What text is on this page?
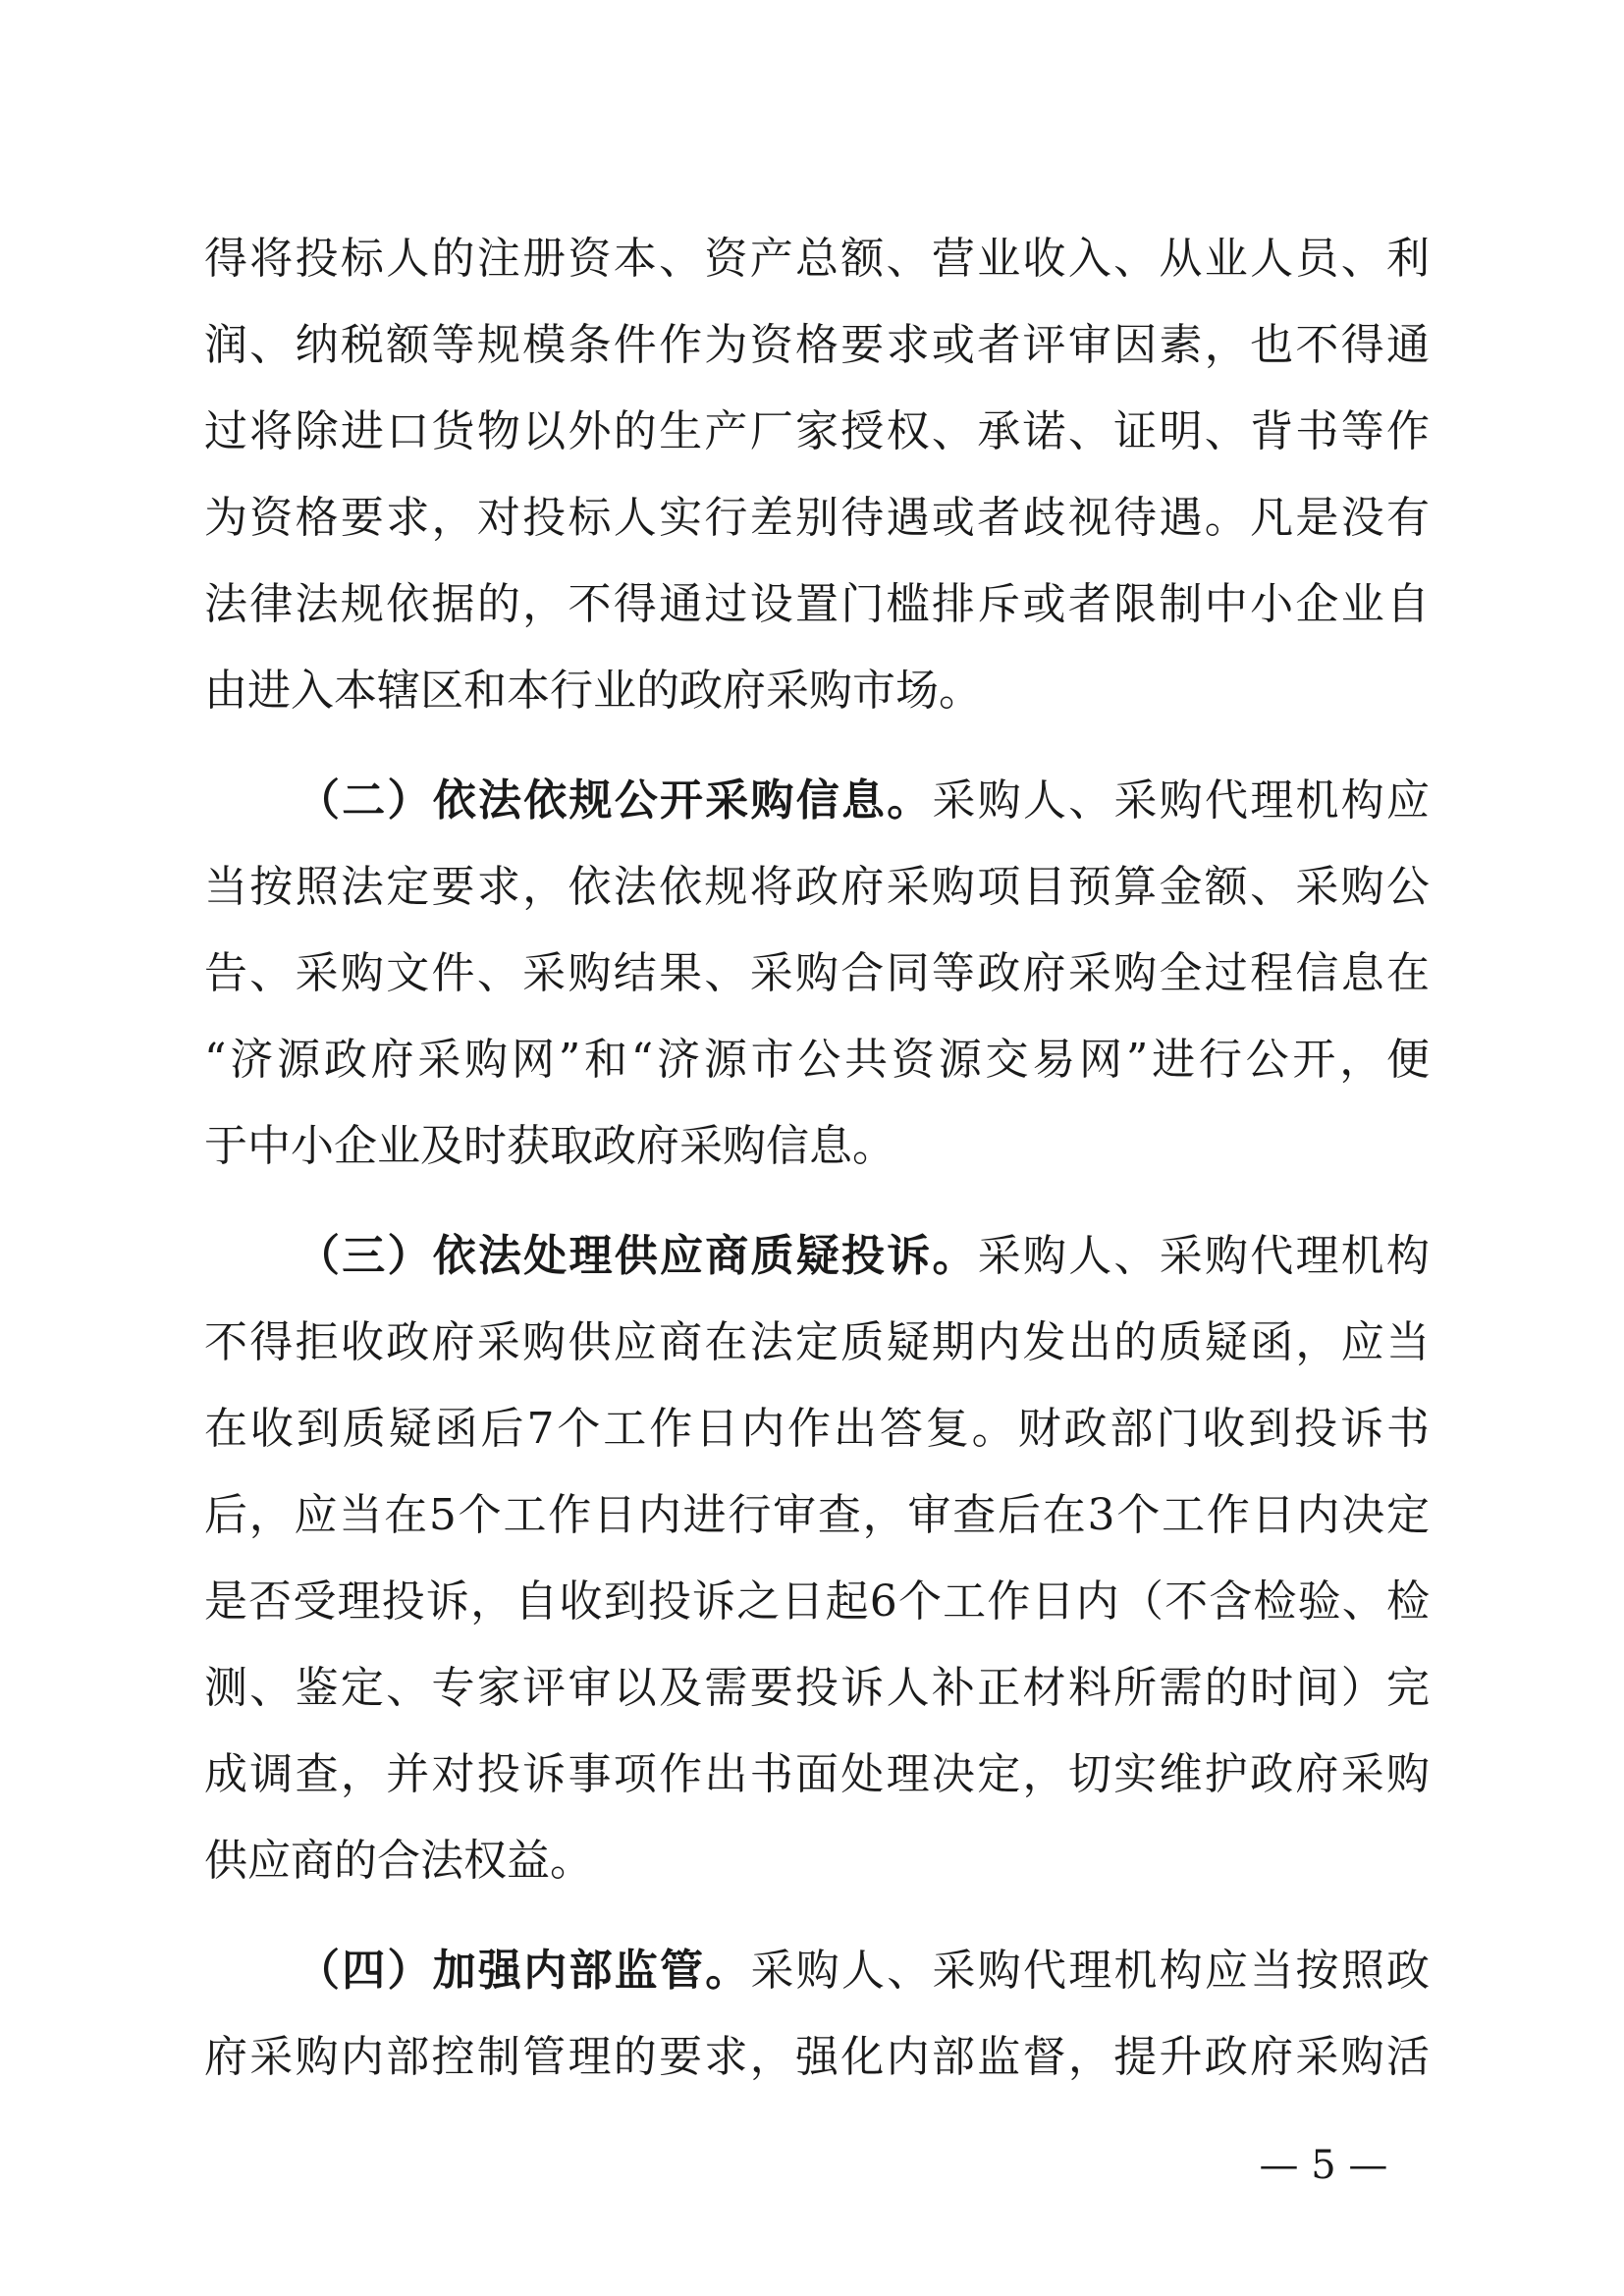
得将投标人的注册资本、资产总额、营业收入、从业人员、利
润、纳税额等规模条件作为资格要求或者评审因素，也不得通
过将除进口货物以外的生产厂家授权、承诺、证明、背书等作
为资格要求，对投标人实行差别待遇或者歧视待遇。凡是没有
法律法规依据的，不得通过设置门槛排斥或者限制中小企业自
由进入本辖区和本行业的政府采购市场。
（二）依法依规公开采购信息。采购人、采购代理机构应
当按照法定要求，依法依规将政府采购项目预算金额、采购公
告、采购文件、采购结果、采购合同等政府采购全过程信息在
“济源政府采购网”和“济源市公共资源交易网”进行公开，便
于中小企业及时获取政府采购信息。
（三）依法处理供应商质疑投诉。采购人、采购代理机构
不得拒收政府采购供应商在法定质疑期内发出的质疑函，应当
在收到质疑函后7个工作日内作出答复。财政部门收到投诉书
后，应当在5个工作日内进行审查，审查后在3个工作日内决定
是否受理投诉，自收到投诉之日起6个工作日内（不含检验、检
测、鉴定、专家评审以及需要投诉人补正材料所需的时间）完
成调查，并对投诉事项作出书面处理决定，切实维护政府采购
供应商的合法权益。
（四）加强内部监管。采购人、采购代理机构应当按照政
府采购内部控制管理的要求，强化内部监督，提升政府采购活
— 5 —
